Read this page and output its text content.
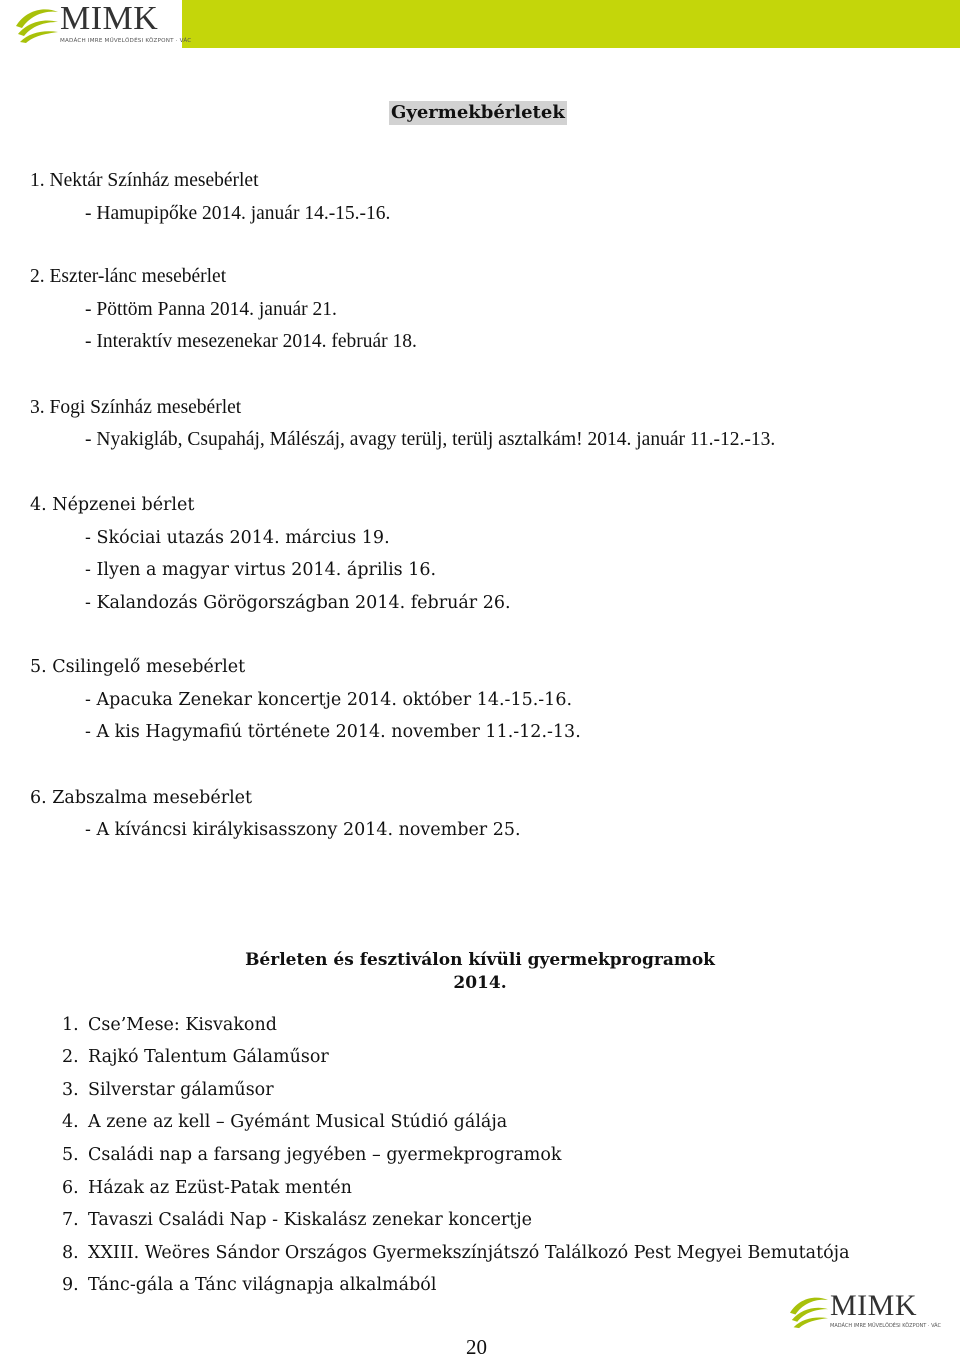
MIMK
MADÁCH IMRE MŰVELŐDÉSI KÖZPONT · VÁC
Gyermekbérletek
1. Nektár Színház mesebérlet
- Hamupipőke 2014. január 14.-15.-16.
2. Eszter-lánc mesebérlet
- Pöttöm Panna 2014. január 21.
- Interaktív mesezenekar 2014. február 18.
3. Fogi Színház mesebérlet
- Nyakigláb, Csupaháj, Málészáj, avagy terülj, terülj asztalkám! 2014. január 11.-12.-13.
4. Népzenei bérlet
- Skóciai utazás 2014. március 19.
- Ilyen a magyar virtus 2014. április 16.
- Kalandozás Görögországban 2014. február 26.
5. Csilingelő mesebérlet
- Apacuka Zenekar koncertje 2014. október 14.-15.-16.
- A kis Hagymafiú története 2014. november 11.-12.-13.
6. Zabszalma mesebérlet
- A kíváncsi királykisasszony 2014. november 25.
Bérleten és fesztiválon kívüli gyermekprogramok
2014.
1. Cse’Mese: Kisvakond
2. Rajkó Talentum Gálaműsor
3. Silverstar gálaműsor
4. A zene az kell – Gyémánt Musical Stúdió gálája
5. Családi nap a farsang jegyében – gyermekprogramok
6. Házak az Ezüst-Patak mentén
7. Tavaszi Családi Nap - Kiskalász zenekar koncertje
8. XXIII. Weöres Sándor Országos Gyermekszínjátszó Találkozó Pest Megyei Bemutatója
9. Tánc-gála a Tánc világnapja alkalmából
MIMK
MADÁCH IMRE MŰVELŐDÉSI KÖZPONT · VÁC
20
